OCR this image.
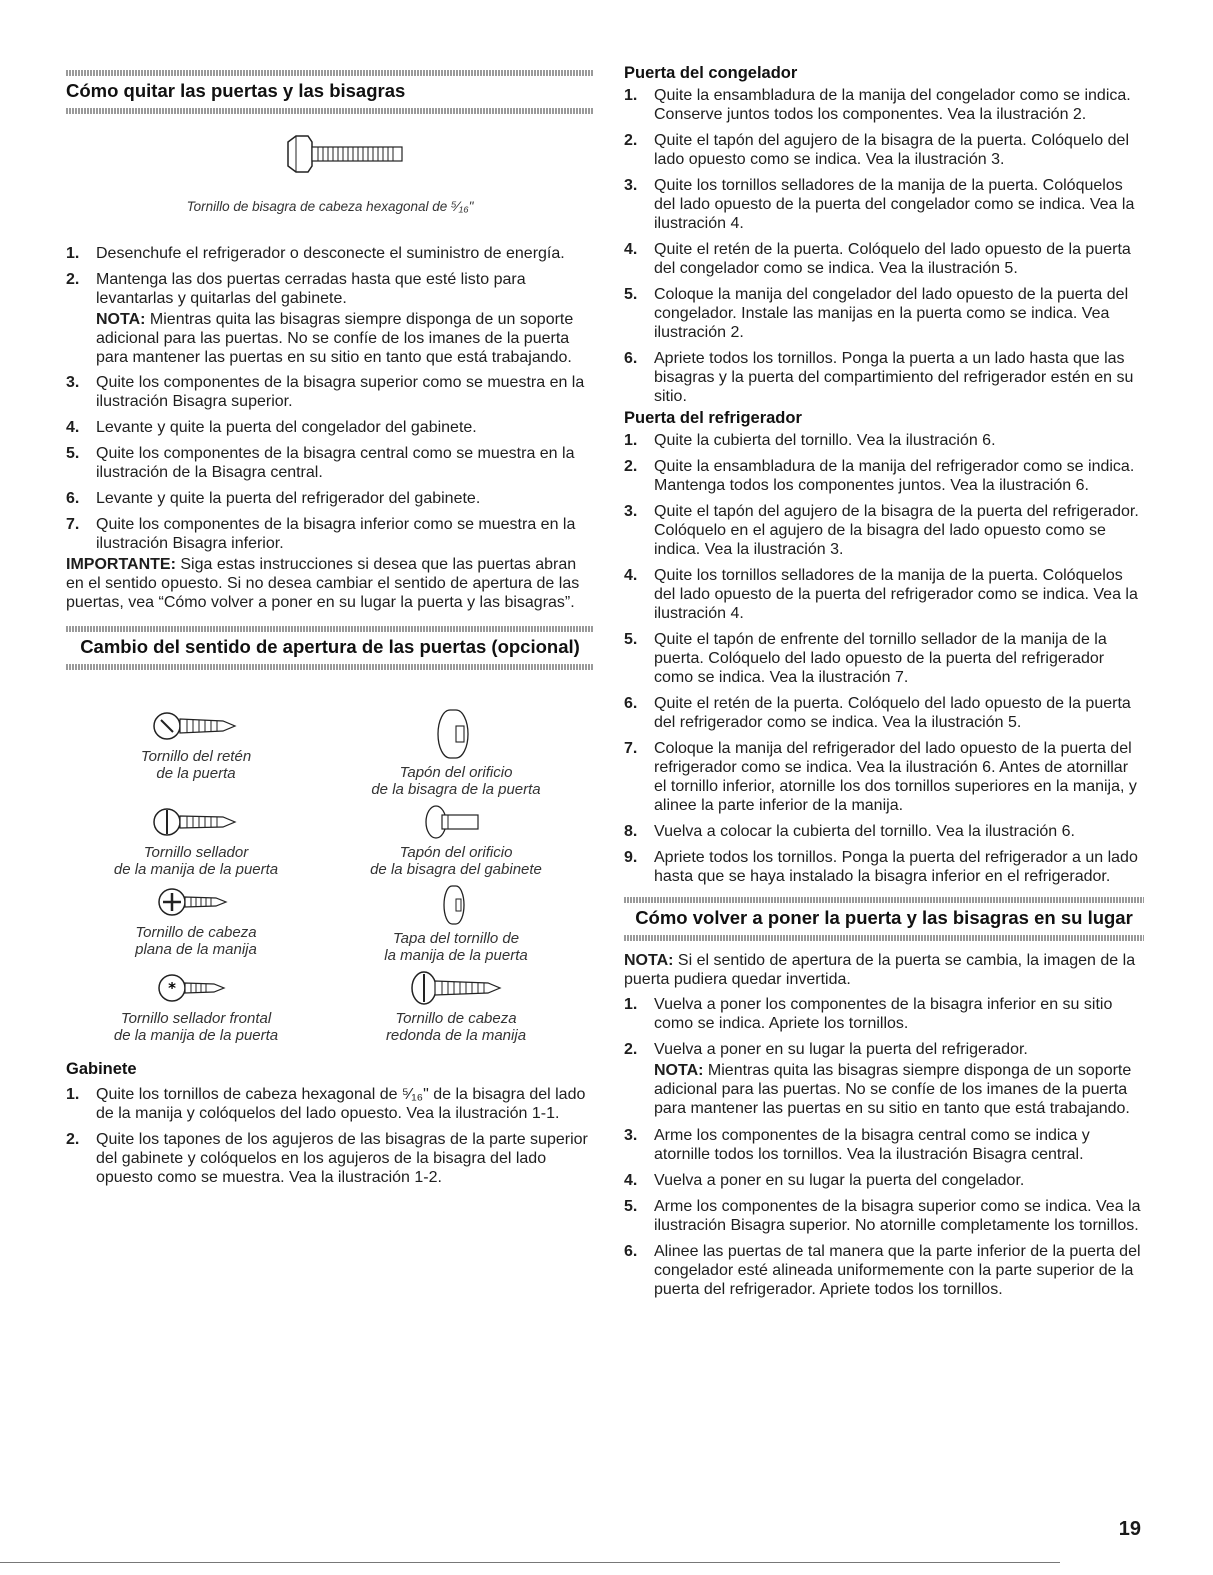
Cómo quitar las puertas y las bisagras
Tornillo de bisagra de cabeza hexagonal de ⁵⁄₁₆"
1. Desenchufe el refrigerador o desconecte el suministro de energía.
2. Mantenga las dos puertas cerradas hasta que esté listo para levantarlas y quitarlas del gabinete.

NOTA: Mientras quita las bisagras siempre disponga de un soporte adicional para las puertas. No se confíe de los imanes de la puerta para mantener las puertas en su sitio en tanto que está trabajando.

3. Quite los componentes de la bisagra superior como se muestra en la ilustración Bisagra superior.
4. Levante y quite la puerta del congelador del gabinete.
5. Quite los componentes de la bisagra central como se muestra en la ilustración de la Bisagra central.
6. Levante y quite la puerta del refrigerador del gabinete.
7. Quite los componentes de la bisagra inferior como se muestra en la ilustración Bisagra inferior.

IMPORTANTE: Siga estas instrucciones si desea que las puertas abran en el sentido opuesto. Si no desea cambiar el sentido de apertura de las puertas, vea “Cómo volver a poner en su lugar la puerta y las bisagras”.

Cambio del sentido de apertura de las puertas (opcional)
Tornillo del retén
de la puerta	Tapón del orificio
de la bisagra de la puerta
Tornillo sellador
de la manija de la puerta
Tapón del orificio
de la bisagra del gabinete
Tornillo de cabeza
plana de la manija
Tapa del tornillo de
la manija de la puerta
*
Tornillo sellador frontal
de la manija de la puerta
Tornillo de cabeza
redonda de la manija
Gabinete
1. Quite los tornillos de cabeza hexagonal de ⁵⁄₁₆" de la bisagra del lado de la manija y colóquelos del lado opuesto. Vea la ilustración 1-1.
2. Quite los tapones de los agujeros de las bisagras de la parte superior del gabinete y colóquelos en los agujeros de la bisagra del lado opuesto como se muestra. Vea la ilustración 1-2.
Puerta del congelador
1. Quite la ensambladura de la manija del congelador como se indica. Conserve juntos todos los componentes. Vea la ilustración 2.
2. Quite el tapón del agujero de la bisagra de la puerta. Colóquelo del lado opuesto como se indica. Vea la ilustración 3.
3. Quite los tornillos selladores de la manija de la puerta. Colóquelos del lado opuesto de la puerta del congelador como se indica. Vea la ilustración 4.
4. Quite el retén de la puerta. Colóquelo del lado opuesto de la puerta del congelador como se indica. Vea la ilustración 5.
5. Coloque la manija del congelador del lado opuesto de la puerta del congelador. Instale las manijas en la puerta como se indica. Vea ilustración 2.
6. Apriete todos los tornillos. Ponga la puerta a un lado hasta que las bisagras y la puerta del compartimiento del refrigerador estén en su sitio.
Puerta del refrigerador
1. Quite la cubierta del tornillo. Vea la ilustración 6.
2. Quite la ensambladura de la manija del refrigerador como se indica. Mantenga todos los componentes juntos. Vea la ilustración 6.
3. Quite el tapón del agujero de la bisagra de la puerta del refrigerador. Colóquelo en el agujero de la bisagra del lado opuesto como se indica. Vea la ilustración 3.
4. Quite los tornillos selladores de la manija de la puerta. Colóquelos del lado opuesto de la puerta del refrigerador como se indica. Vea la ilustración 4.
5. Quite el tapón de enfrente del tornillo sellador de la manija de la puerta. Colóquelo del lado opuesto de la puerta del refrigerador como se indica. Vea la ilustración 7.
6. Quite el retén de la puerta. Colóquelo del lado opuesto de la puerta del refrigerador como se indica. Vea la ilustración 5.
7. Coloque la manija del refrigerador del lado opuesto de la puerta del refrigerador como se indica. Vea la ilustración 6. Antes de atornillar el tornillo inferior, atornille los dos tornillos superiores en la manija, y alinee la parte inferior de la manija.
8. Vuelva a colocar la cubierta del tornillo. Vea la ilustración 6.
9. Apriete todos los tornillos. Ponga la puerta del refrigerador a un lado hasta que se haya instalado la bisagra inferior en el refrigerador.
Cómo volver a poner la puerta y las bisagras en su lugar

NOTA: Si el sentido de apertura de la puerta se cambia, la imagen de la puerta pudiera quedar invertida.

1. Vuelva a poner los componentes de la bisagra inferior en su sitio como se indica. Apriete los tornillos.
2. Vuelva a poner en su lugar la puerta del refrigerador.

NOTA: Mientras quita las bisagras siempre disponga de un soporte adicional para las puertas. No se confíe de los imanes de la puerta para mantener las puertas en su sitio en tanto que está trabajando.

3. Arme los componentes de la bisagra central como se indica y atornille todos los tornillos. Vea la ilustración Bisagra central.
4. Vuelva a poner en su lugar la puerta del congelador.
5. Arme los componentes de la bisagra superior como se indica. Vea la ilustración Bisagra superior. No atornille completamente los tornillos.
6. Alinee las puertas de tal manera que la parte inferior de la puerta del congelador esté alineada uniformemente con la parte superior de la puerta del refrigerador. Apriete todos los tornillos.
19
